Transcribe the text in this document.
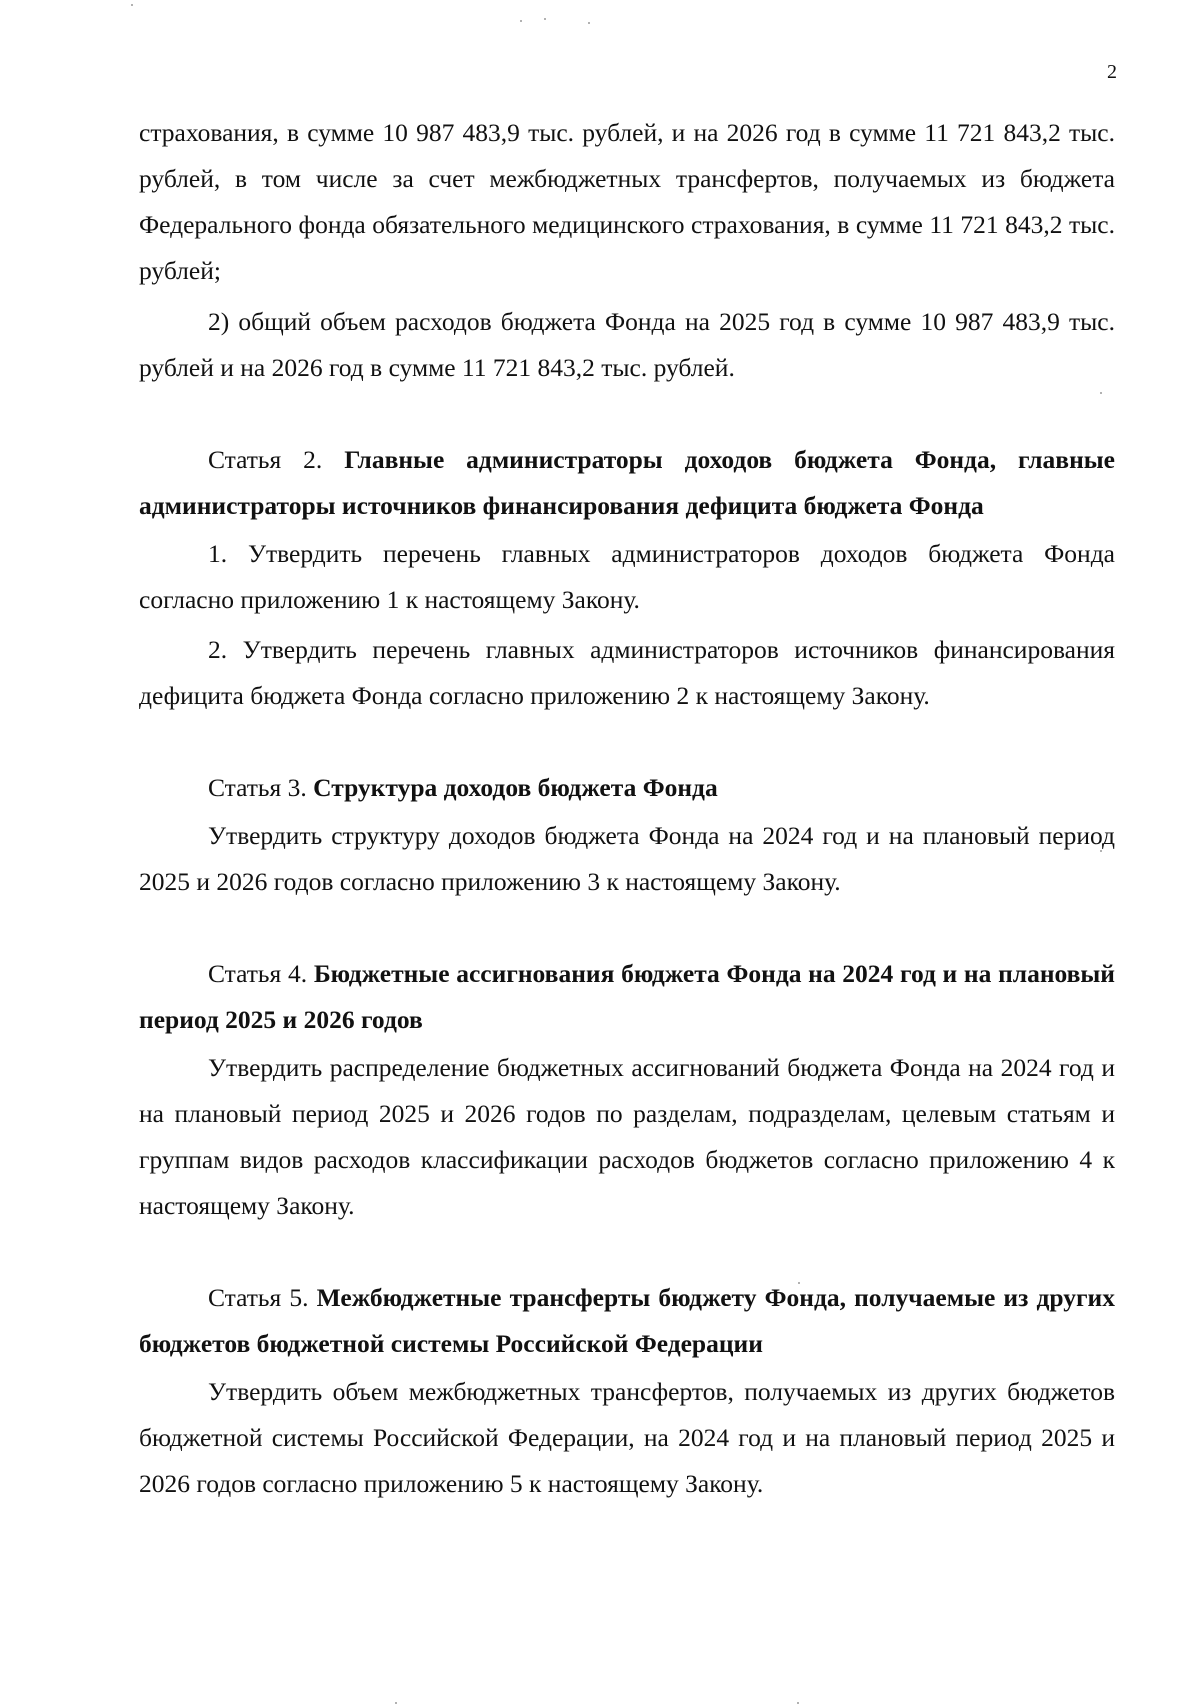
2

страхования, в сумме 10 987 483,9 тыс. рублей, и на 2026 год в сумме 11 721 843,2 тыс. рублей, в том числе за счет межбюджетных трансфертов, получаемых из бюджета Федерального фонда обязательного медицинского страхования, в сумме 11 721 843,2 тыс. рублей;

2) общий объем расходов бюджета Фонда на 2025 год в сумме 10 987 483,9 тыс. рублей и на 2026 год в сумме 11 721 843,2 тыс. рублей.

Статья 2. Главные администраторы доходов бюджета Фонда, главные администраторы источников финансирования дефицита бюджета Фонда

1. Утвердить перечень главных администраторов доходов бюджета Фонда согласно приложению 1 к настоящему Закону.

2. Утвердить перечень главных администраторов источников финансирования дефицита бюджета Фонда согласно приложению 2 к настоящему Закону.

Статья 3. Структура доходов бюджета Фонда

Утвердить структуру доходов бюджета Фонда на 2024 год и на плановый период 2025 и 2026 годов согласно приложению 3 к настоящему Закону.

Статья 4. Бюджетные ассигнования бюджета Фонда на 2024 год и на плановый период 2025 и 2026 годов

Утвердить распределение бюджетных ассигнований бюджета Фонда на 2024 год и на плановый период 2025 и 2026 годов по разделам, подразделам, целевым статьям и группам видов расходов классификации расходов бюджетов согласно приложению 4 к настоящему Закону.

Статья 5. Межбюджетные трансферты бюджету Фонда, получаемые из других бюджетов бюджетной системы Российской Федерации

Утвердить объем межбюджетных трансфертов, получаемых из других бюджетов бюджетной системы Российской Федерации, на 2024 год и на плановый период 2025 и 2026 годов согласно приложению 5 к настоящему Закону.
